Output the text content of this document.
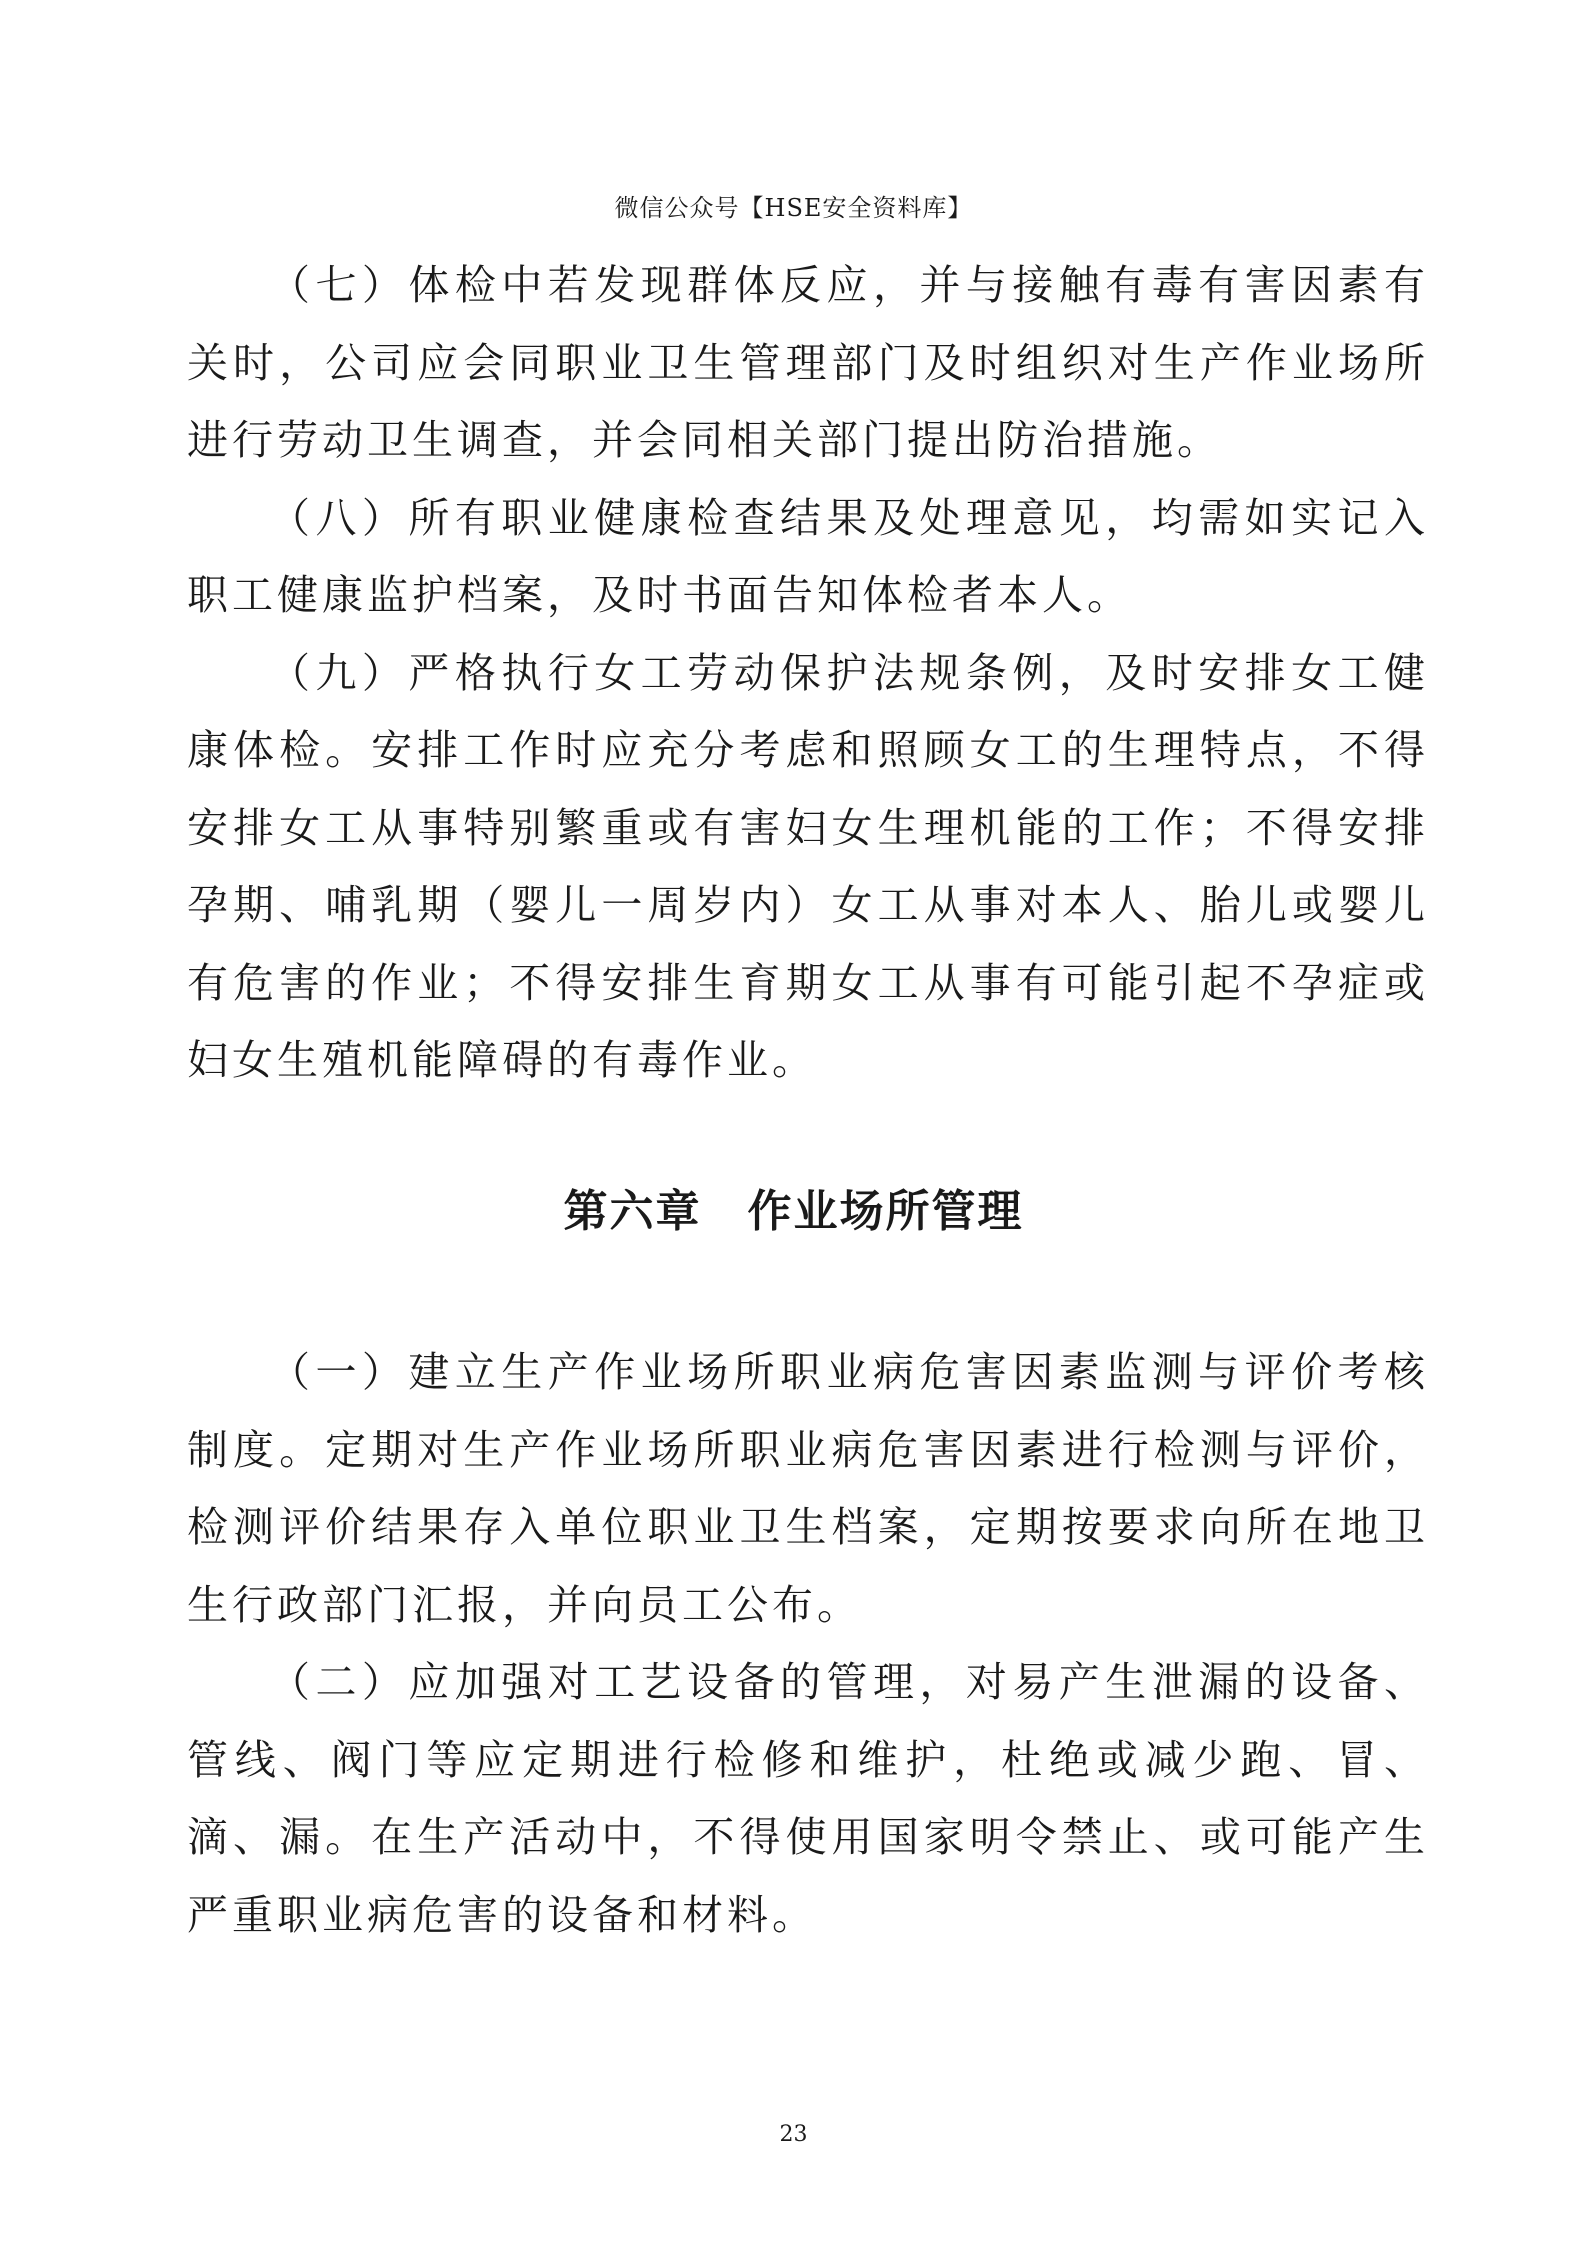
微信公众号【HSE安全资料库】

（七）体检中若发现群体反应，并与接触有毒有害因素有关时，公司应会同职业卫生管理部门及时组织对生产作业场所进行劳动卫生调查，并会同相关部门提出防治措施。

（八）所有职业健康检查结果及处理意见，均需如实记入职工健康监护档案，及时书面告知体检者本人。

（九）严格执行女工劳动保护法规条例，及时安排女工健康体检。安排工作时应充分考虑和照顾女工的生理特点，不得安排女工从事特别繁重或有害妇女生理机能的工作；不得安排孕期、哺乳期（婴儿一周岁内）女工从事对本人、胎儿或婴儿有危害的作业；不得安排生育期女工从事有可能引起不孕症或妇女生殖机能障碍的有毒作业。

第六章　作业场所管理

（一）建立生产作业场所职业病危害因素监测与评价考核制度。定期对生产作业场所职业病危害因素进行检测与评价，检测评价结果存入单位职业卫生档案，定期按要求向所在地卫生行政部门汇报，并向员工公布。

（二）应加强对工艺设备的管理，对易产生泄漏的设备、管线、阀门等应定期进行检修和维护，杜绝或减少跑、冒、滴、漏。在生产活动中，不得使用国家明令禁止、或可能产生严重职业病危害的设备和材料。

23
